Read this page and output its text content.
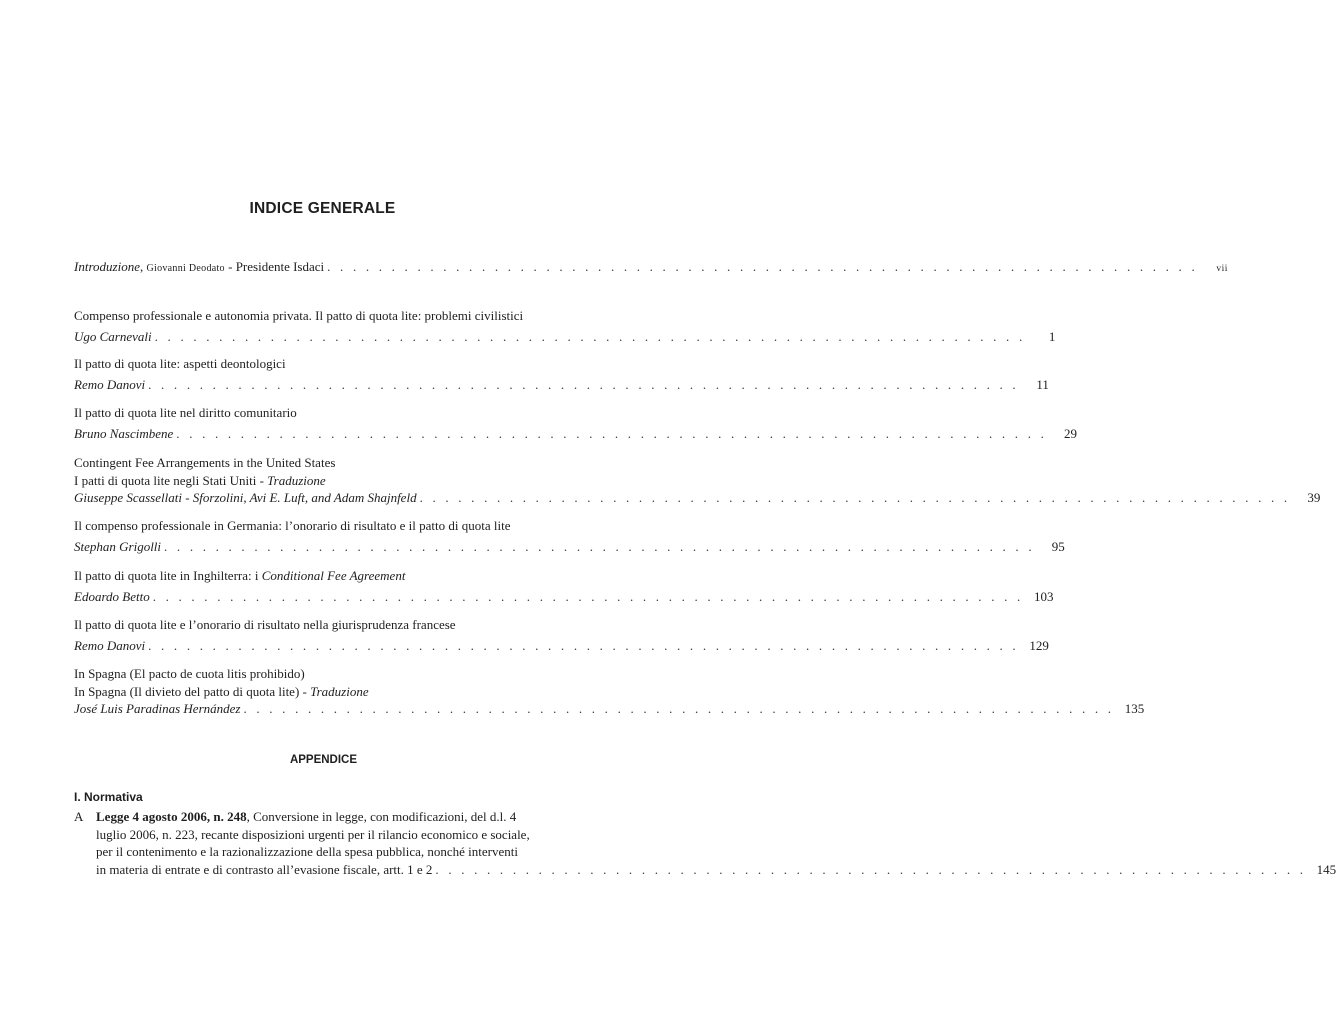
INDICE GENERALE
Introduzione, Giovanni Deodato - Presidente Isdaci . . . . . . . . . . . . . . . . . . . . . . . . . . . . . . . . . . . . . . . . . . . . . . . . . . . . . . . . . . . . . . . . . . . .	vii
Compenso professionale e autonomia privata. Il patto di quota lite: problemi civilistici
Ugo Carnevali . . . . . . . . . . . . . . . . . . . . . . . . . . . . . . . . . . . . . . . . . . . . . . . . . . . . . . . . . . . . . . . . . . . .	1
Il patto di quota lite: aspetti deontologici
Remo Danovi . . . . . . . . . . . . . . . . . . . . . . . . . . . . . . . . . . . . . . . . . . . . . . . . . . . . . . . . . . . . . . . . . . . .	11
Il patto di quota lite nel diritto comunitario
Bruno Nascimbene . . . . . . . . . . . . . . . . . . . . . . . . . . . . . . . . . . . . . . . . . . . . . . . . . . . . . . . . . . . . . . . . . . . .	29
Contingent Fee Arrangements in the United States
I patti di quota lite negli Stati Uniti - Traduzione
Giuseppe Scassellati - Sforzolini, Avi E. Luft, and Adam Shajnfeld . . . . . . . . . . . . . . . . . . . . . . . . . . . . . . . . . . . . . . . . . . . . . . . . . . . . . . . . . . . . . . . . . . . .	39
Il compenso professionale in Germania: l’onorario di risultato e il patto di quota lite
Stephan Grigolli . . . . . . . . . . . . . . . . . . . . . . . . . . . . . . . . . . . . . . . . . . . . . . . . . . . . . . . . . . . . . . . . . . . .	95
Il patto di quota lite in Inghilterra: i Conditional Fee Agreement
Edoardo Betto . . . . . . . . . . . . . . . . . . . . . . . . . . . . . . . . . . . . . . . . . . . . . . . . . . . . . . . . . . . . . . . . . . . . 103
Il patto di quota lite e l’onorario di risultato nella giurisprudenza francese
Remo Danovi . . . . . . . . . . . . . . . . . . . . . . . . . . . . . . . . . . . . . . . . . . . . . . . . . . . . . . . . . . . . . . . . . . . . 129
In Spagna (El pacto de cuota litis prohibido)
In Spagna (Il divieto del patto di quota lite) - Traduzione
José Luis Paradinas Hernández . . . . . . . . . . . . . . . . . . . . . . . . . . . . . . . . . . . . . . . . . . . . . . . . . . . . . . . . . . . . . . . . . . . . 135
APPENDICE
I. Normativa
A Legge 4 agosto 2006, n. 248, Conversione in legge, con modificazioni, del d.l. 4
luglio 2006, n. 223, recante disposizioni urgenti per il rilancio economico e sociale,
per il contenimento e la razionalizzazione della spesa pubblica, nonché interventi
in materia di entrate e di contrasto all’evasione fiscale, artt. 1 e 2 . . . . . . . . . . . . . . . . . . . . . . . . . . . . . . . . . . . . . . . . . . . . . . . . . . . . . . . . . . . . . . . . . . . . 145
